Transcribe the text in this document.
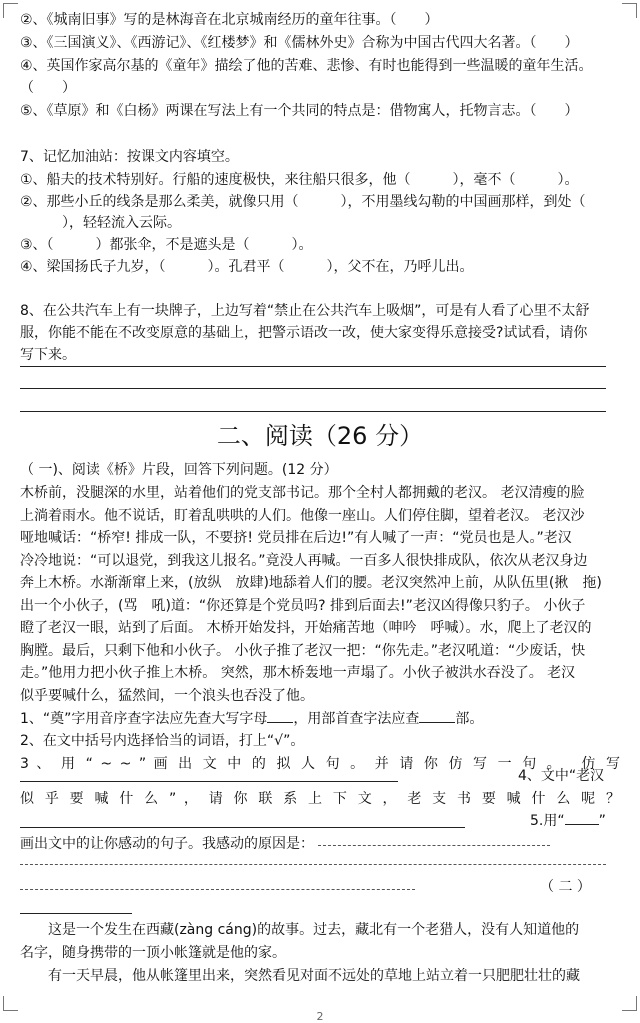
②、《城南旧事》写的是林海音在北京城南经历的童年往事。（　　）
③、《三国演义》、《西游记》、《红楼梦》和《儒林外史》合称为中国古代四大名著。（　　）
④、英国作家高尔基的《童年》描绘了他的苦难、悲惨、有时也能得到一些温暖的童年生活。
（　　）
⑤、《草原》和《白杨》两课在写法上有一个共同的特点是：借物寓人，托物言志。（　　）
7、记忆加油站：按课文内容填空。
①、船夫的技术特别好。行船的速度极快，来往船只很多，他（　　　），毫不（　　　）。
②、那些小丘的线条是那么柔美，就像只用（　　　），不用墨线勾勒的中国画那样，到处（
　　　），轻轻流入云际。
③、（　　　）都张伞，不是遮头是（　　　）。
④、梁国扬氏子九岁，（　　　）。孔君平（　　　），父不在，乃呼儿出。
8、在公共汽车上有一块牌子，上边写着“禁止在公共汽车上吸烟”，可是有人看了心里不太舒
服，你能不能在不改变原意的基础上，把警示语改一改，使大家变得乐意接受?试试看，请你
写下来。
二、阅读（26 分）
（ 一)、阅读《桥》片段，回答下列问题。(12 分）
木桥前，没腿深的水里，站着他们的党支部书记。那个全村人都拥戴的老汉。 老汉清瘦的脸
上淌着雨水。他不说话，盯着乱哄哄的人们。他像一座山。人们停住脚，望着老汉。 老汉沙
哑地喊话：“桥窄! 排成一队，不要挤! 党员排在后边!”有人喊了一声：“党员也是人。”老汉
冷冷地说：“可以退党，到我这儿报名。”竟没人再喊。一百多人很快排成队，依次从老汉身边
奔上木桥。水渐渐窜上来，(放纵　放肆)地舔着人们的腰。老汉突然冲上前，从队伍里(揪　拖)
出一个小伙子，(骂　吼)道：“你还算是个党员吗? 排到后面去!”老汉凶得像只豹子。 小伙子
瞪了老汉一眼，站到了后面。 木桥开始发抖，开始痛苦地（呻吟　呼喊）。水，爬上了老汉的
胸膛。最后，只剩下他和小伙子。 小伙子推了老汉一把：“你先走。”老汉吼道：“少废话，快
走。”他用力把小伙子推上木桥。 突然，那木桥轰地一声塌了。小伙子被洪水吞没了。 老汉
似乎要喊什么，猛然间，一个浪头也吞没了他。
1、“奠”字用音序查字法应先查大写字母 ，用部首查字法应查	部。
2、在文中括号内选择恰当的词语，打上“√”。
3 、 用 “ ~ ~ ” 画 出 文 中 的 拟 人 句 。 并 请 你 仿 写 一 句 。　 仿 写
4、文中“老汉
似 乎 要 喊 什 么 ” ， 请 你 联 系 上 下 文 ， 老 支 书 要 喊 什 么 呢 ？
5.用“ ”
画出文中的让你感动的句子。我感动的原因是：
（ 二 ）
这是一个发生在西藏(zàng cáng)的故事。过去，藏北有一个老猎人，没有人知道他的
名字，随身携带的一顶小帐篷就是他的家。
有一天早晨，他从帐篷里出来，突然看见对面不远处的草地上站立着一只肥肥壮壮的藏
2
